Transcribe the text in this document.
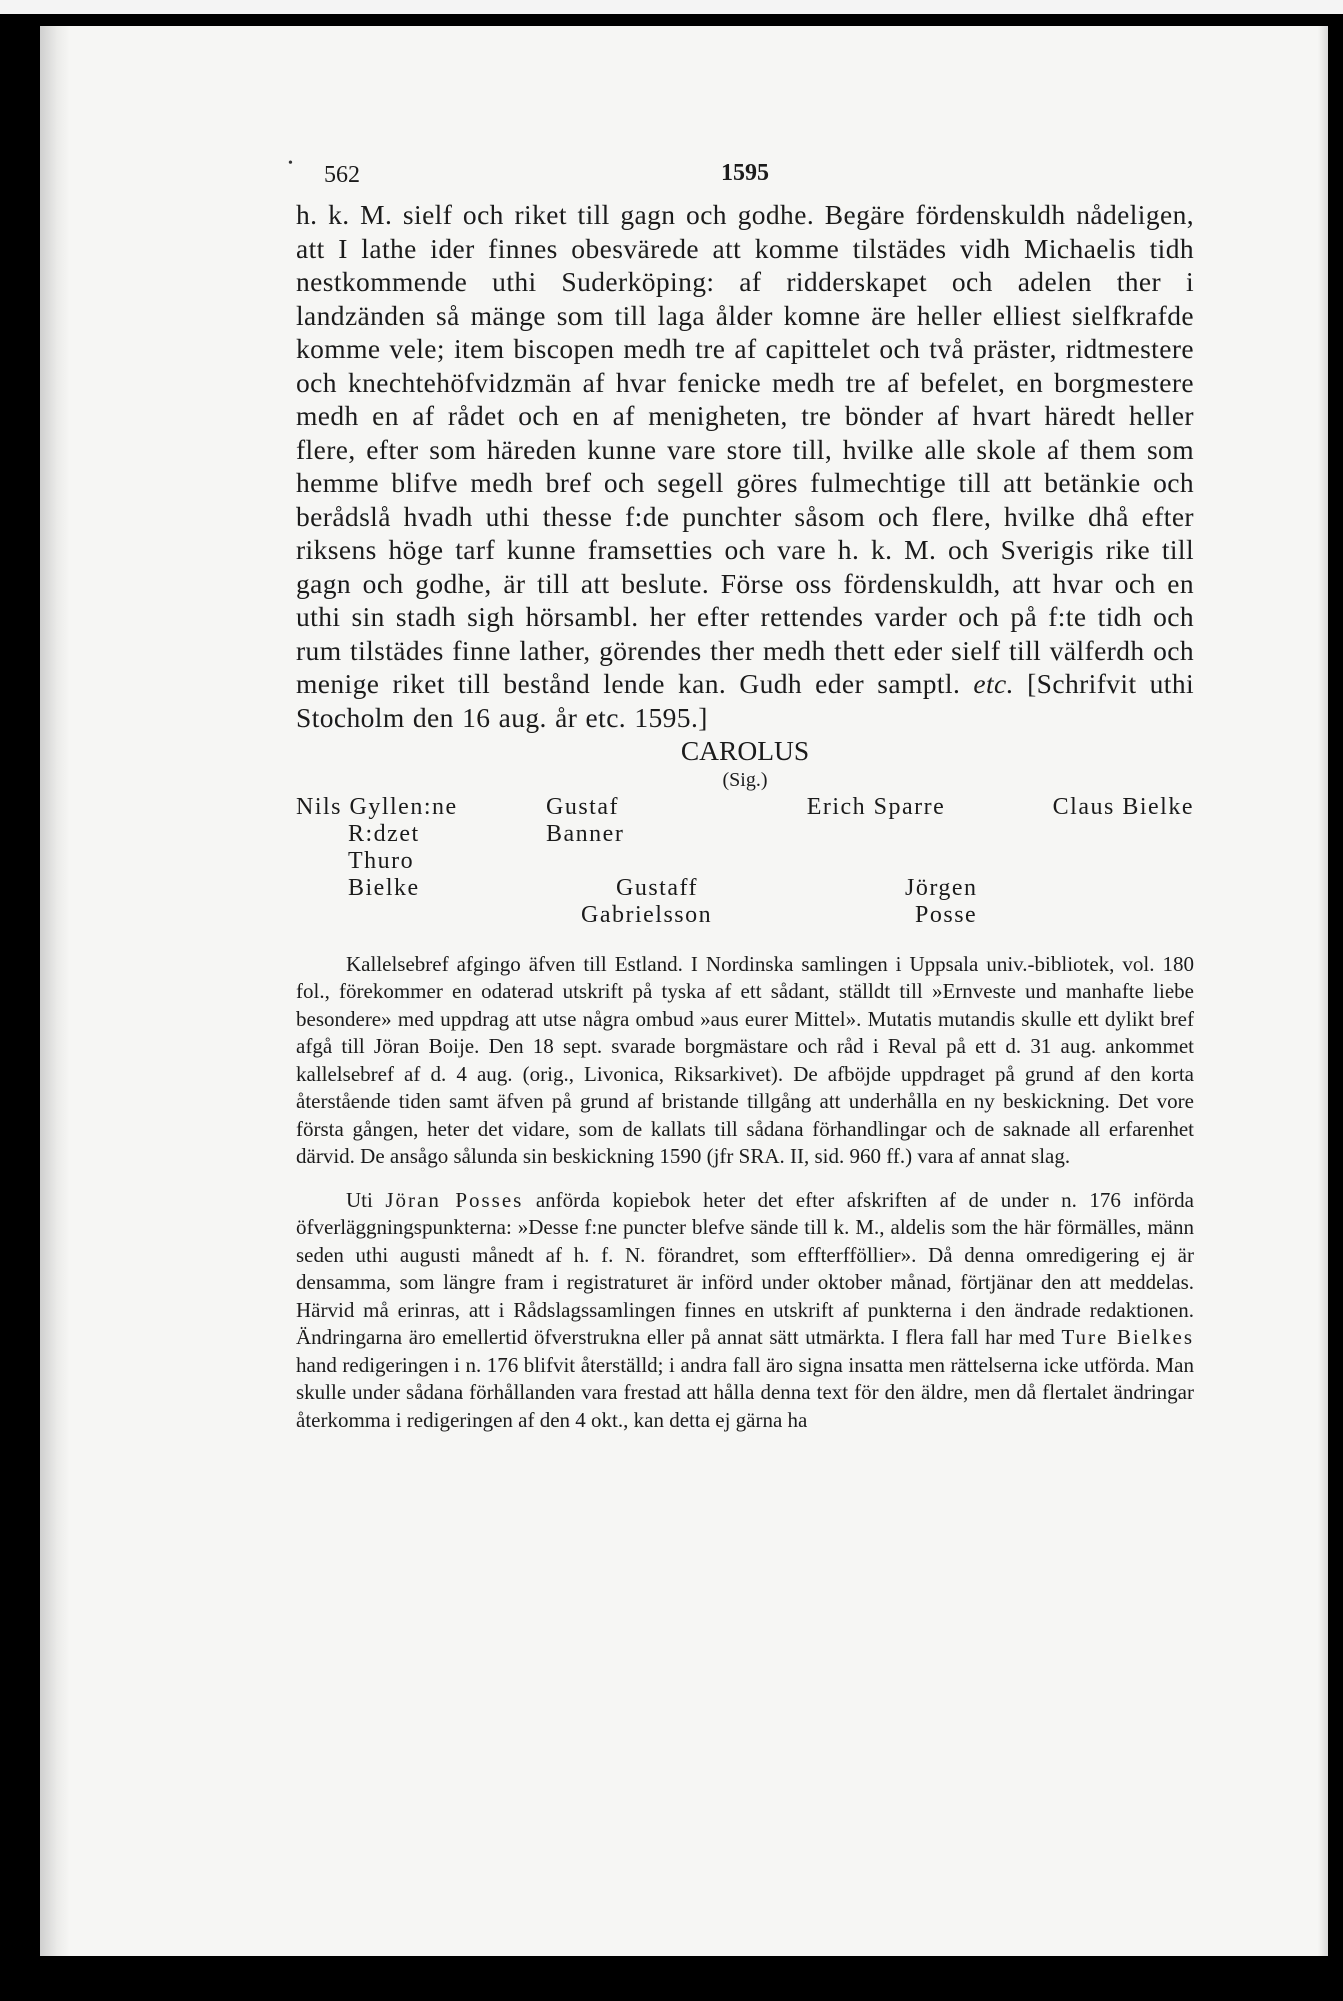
• 562	1595
h. k. M. sielf och riket till gagn och godhe. Begäre fördenskuldh nådeligen, att I lathe ider finnes obesvärede att komme tilstädes vidh Michaelis tidh nestkommende uthi Suderköping: af ridderskapet och adelen ther i landzänden så mänge som till laga ålder komne äre heller elliest sielfkrafde komme vele; item biscopen medh tre af capittelet och två präster, ridtmestere och knechtehöfvidzmän af hvar fenicke medh tre af befelet, en borgmestere medh en af rådet och en af menigheten, tre bönder af hvart häredt heller flere, efter som häreden kunne vare store till, hvilke alle skole af them som hemme blifve medh bref och segell göres fulmechtige till att betänkie och berådslå hvadh uthi thesse f:de punchter såsom och flere, hvilke dhå efter riksens höge tarf kunne framsetties och vare h. k. M. och Sverigis rike till gagn och godhe, är till att beslute. Förse oss fördenskuldh, att hvar och en uthi sin stadh sigh hörsambl. her efter rettendes varder och på f:te tidh och rum tilstädes finne lather, görendes ther medh thett eder sielf till välferdh och menige riket till bestånd lende kan. Gudh eder samptl. etc. [Schrifvit uthi Stocholm den 16 aug. år etc. 1595.]
CAROLUS
(Sig.)
Nils Gyllen:ne
R:dzet
Thuro
Bielke
Gustaf
Banner
Erich Sparre	Claus Bielke
Gustaff
Gabrielsson
Jörgen
Posse

Kallelsebref afgingo äfven till Estland. I Nordinska samlingen i Uppsala univ.-bibliotek, vol. 180 fol., förekommer en odaterad utskrift på tyska af ett sådant, ställdt till »Ernveste und manhafte liebe besondere» med uppdrag att utse några ombud »aus eurer Mittel». Mutatis mutandis skulle ett dylikt bref afgå till Jöran Boije. Den 18 sept. svarade borgmästare och råd i Reval på ett d. 31 aug. ankommet kallelsebref af d. 4 aug. (orig., Livonica, Riksarkivet). De afböjde uppdraget på grund af den korta återstående tiden samt äfven på grund af bristande tillgång att underhålla en ny beskickning. Det vore första gången, heter det vidare, som de kallats till sådana förhandlingar och de saknade all erfarenhet därvid. De ansågo sålunda sin beskickning 1590 (jfr SRA. II, sid. 960 ff.) vara af annat slag.

Uti Jöran Posses anförda kopiebok heter det efter afskriften af de under n. 176 införda öfverläggningspunkterna: »Desse f:ne puncter blefve sände till k. M., aldelis som the här förmälles, männ seden uthi augusti månedt af h. f. N. förandret, som effterfföllier». Då denna omredigering ej är densamma, som längre fram i registraturet är införd under oktober månad, förtjänar den att meddelas. Härvid må erinras, att i Rådslagssamlingen finnes en utskrift af punkterna i den ändrade redaktionen. Ändringarna äro emellertid öfverstrukna eller på annat sätt utmärkta. I flera fall har med Ture Bielkes hand redigeringen i n. 176 blifvit återställd; i andra fall äro signa insatta men rättelserna icke utförda. Man skulle under sådana förhållanden vara frestad att hålla denna text för den äldre, men då flertalet ändringar återkomma i redigeringen af den 4 okt., kan detta ej gärna ha
